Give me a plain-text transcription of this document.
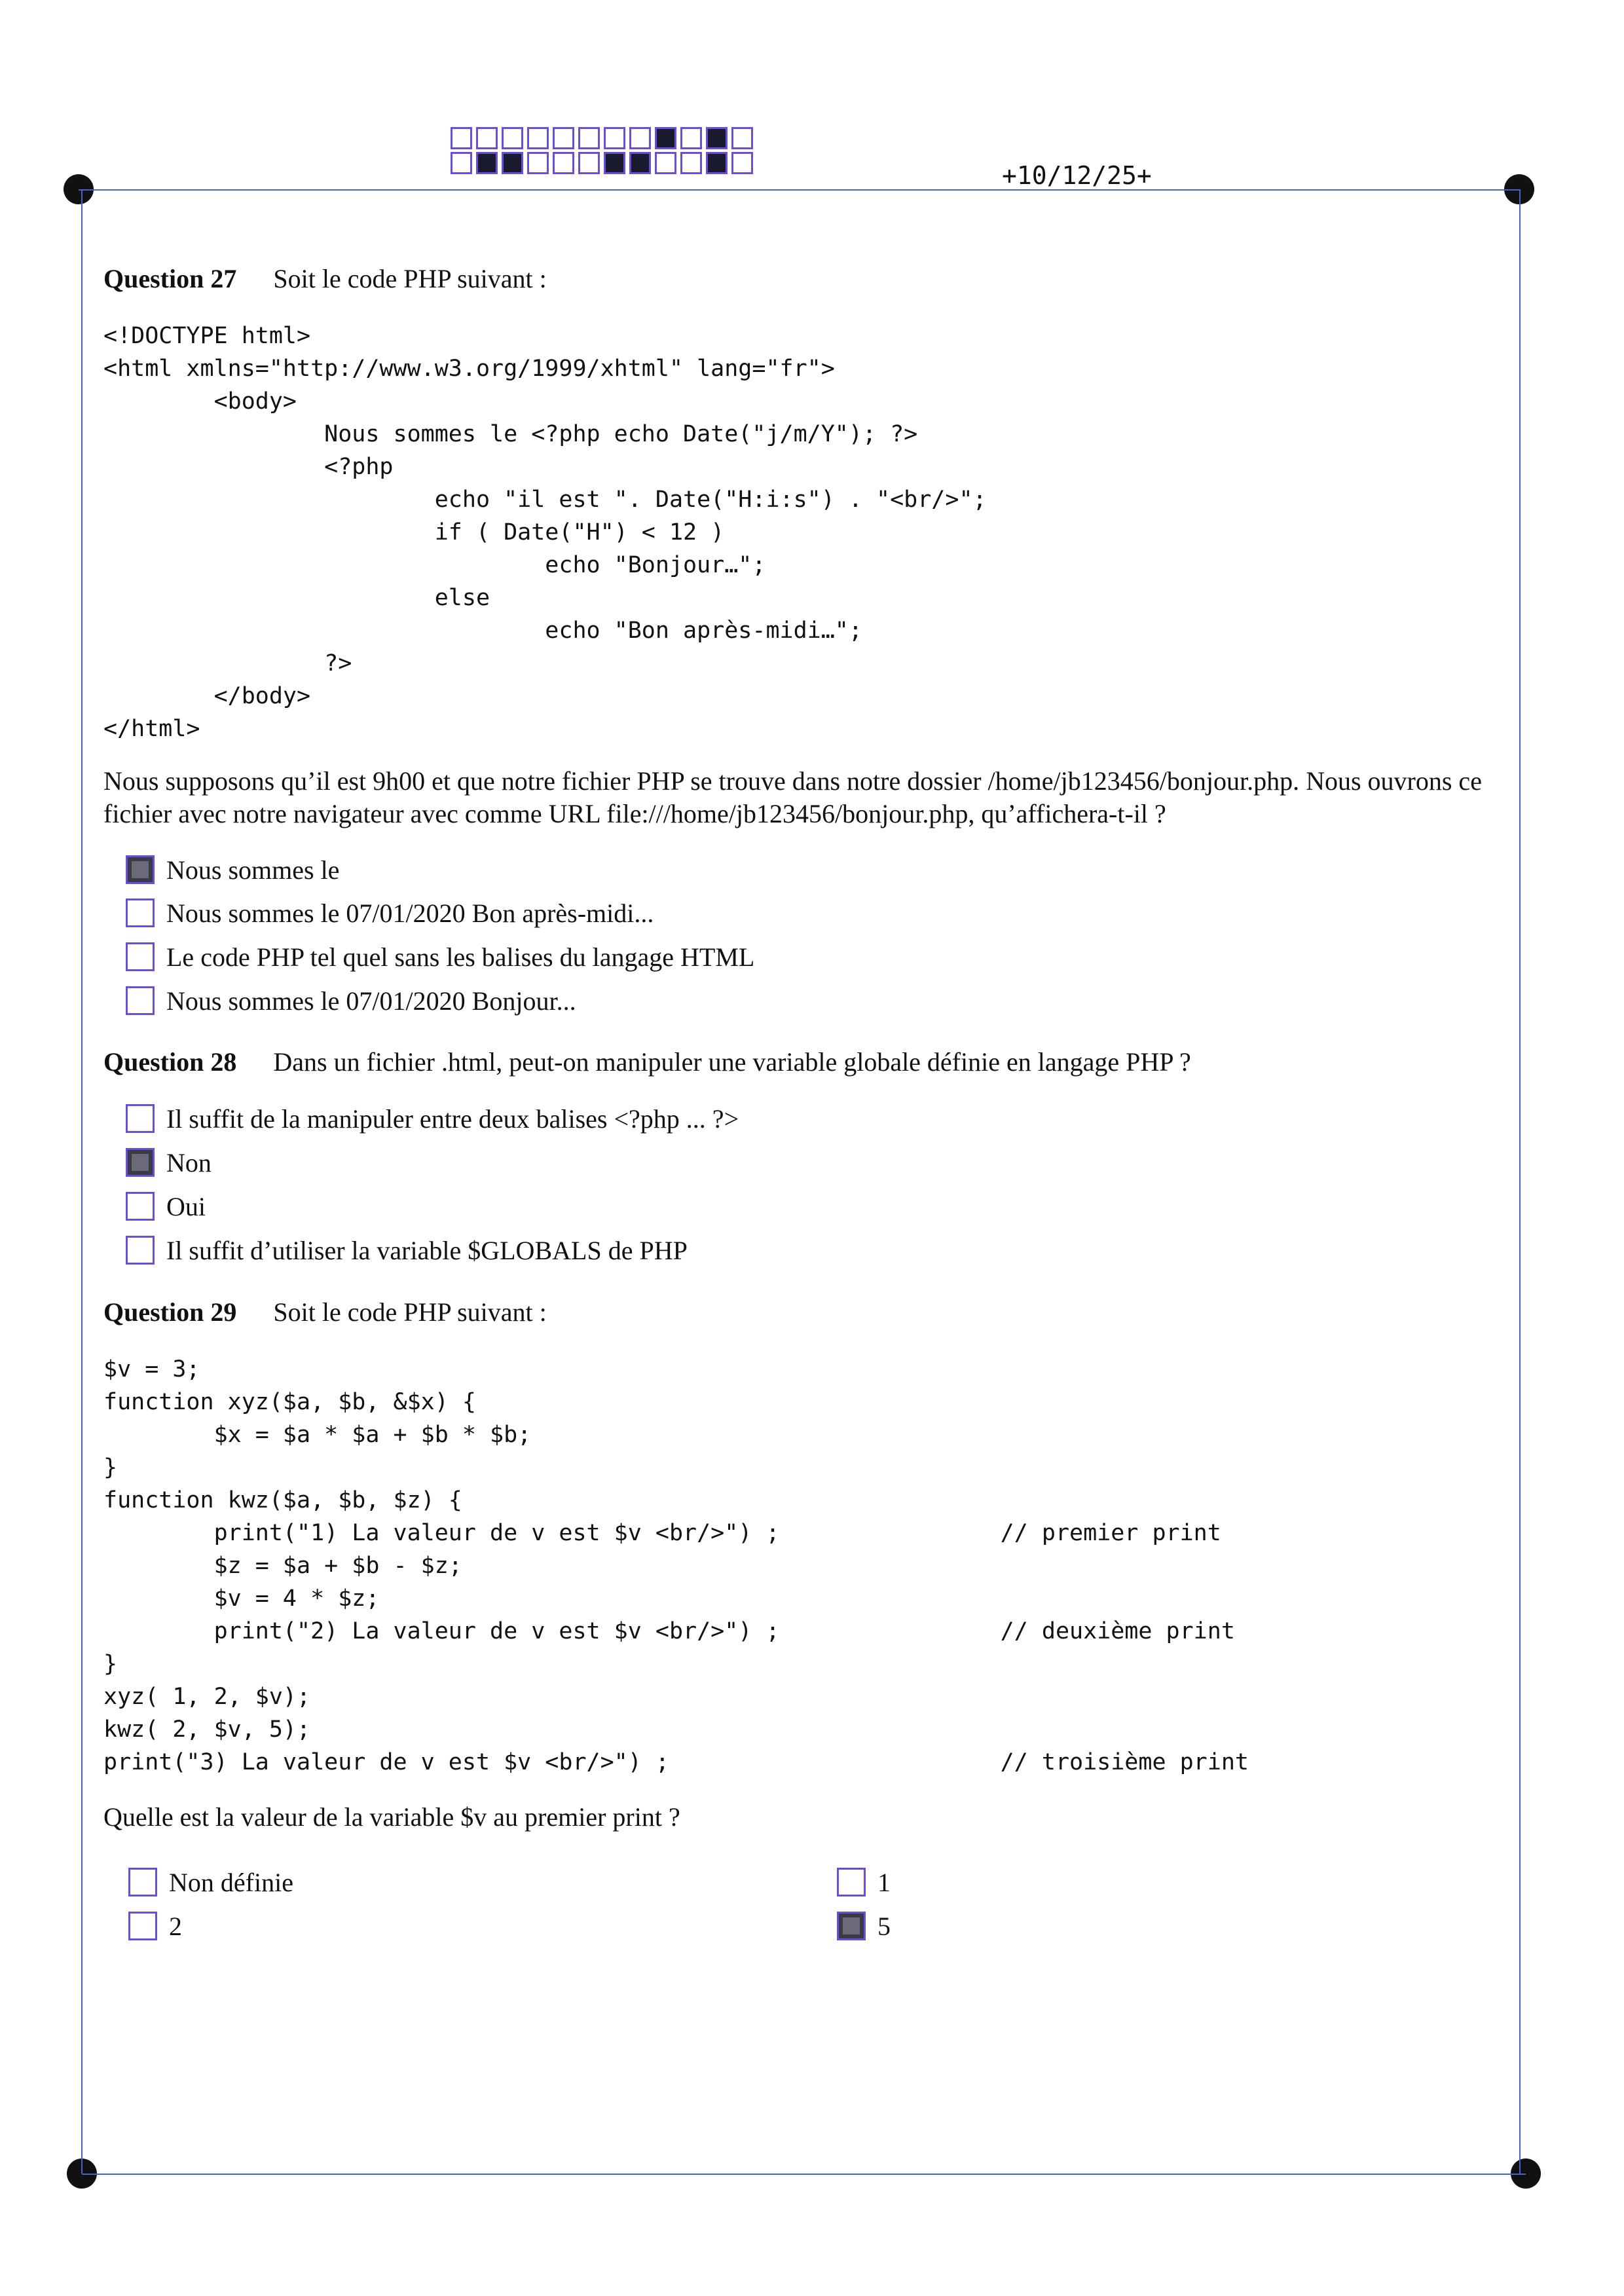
+10/12/25+
Question 27 Soit le code PHP suivant :
<!DOCTYPE html>
<html xmlns="http://www.w3.org/1999/xhtml" lang="fr">
<body>
Nous sommes le <?php echo Date("j/m/Y"); ?>
<?php
echo "il est ". Date("H:i:s") . "<br/>";
if ( Date("H") < 12 )
echo "Bonjour…";
else
echo "Bon après-midi…";
?>
</body>
</html>
Nous supposons qu’il est 9h00 et que notre fichier PHP se trouve dans notre dossier /home/jb123456/bonjour.php. Nous ouvrons ce fichier avec notre navigateur avec comme URL file:///home/jb123456/bonjour.php, qu’affichera-t-il ?
Nous sommes le
Nous sommes le 07/01/2020 Bon après-midi...
Le code PHP tel quel sans les balises du langage HTML
Nous sommes le 07/01/2020 Bonjour...
Question 28 Dans un fichier .html, peut-on manipuler une variable globale définie en langage PHP ?
Il suffit de la manipuler entre deux balises <?php ... ?>
Non
Oui
Il suffit d’utiliser la variable $GLOBALS de PHP
Question 29 Soit le code PHP suivant :
$v = 3;
function xyz($a, $b, &$x) {
$x = $a * $a + $b * $b;
}
function kwz($a, $b, $z) {
print("1) La valeur de v est $v <br/>") ;                // premier print
$z = $a + $b - $z;
$v = 4 * $z;
print("2) La valeur de v est $v <br/>") ;                // deuxième print
}
xyz( 1, 2, $v);
kwz( 2, $v, 5);
print("3) La valeur de v est $v <br/>") ;                        // troisième print
Quelle est la valeur de la variable $v au premier print ?
Non définie	1
2	5
